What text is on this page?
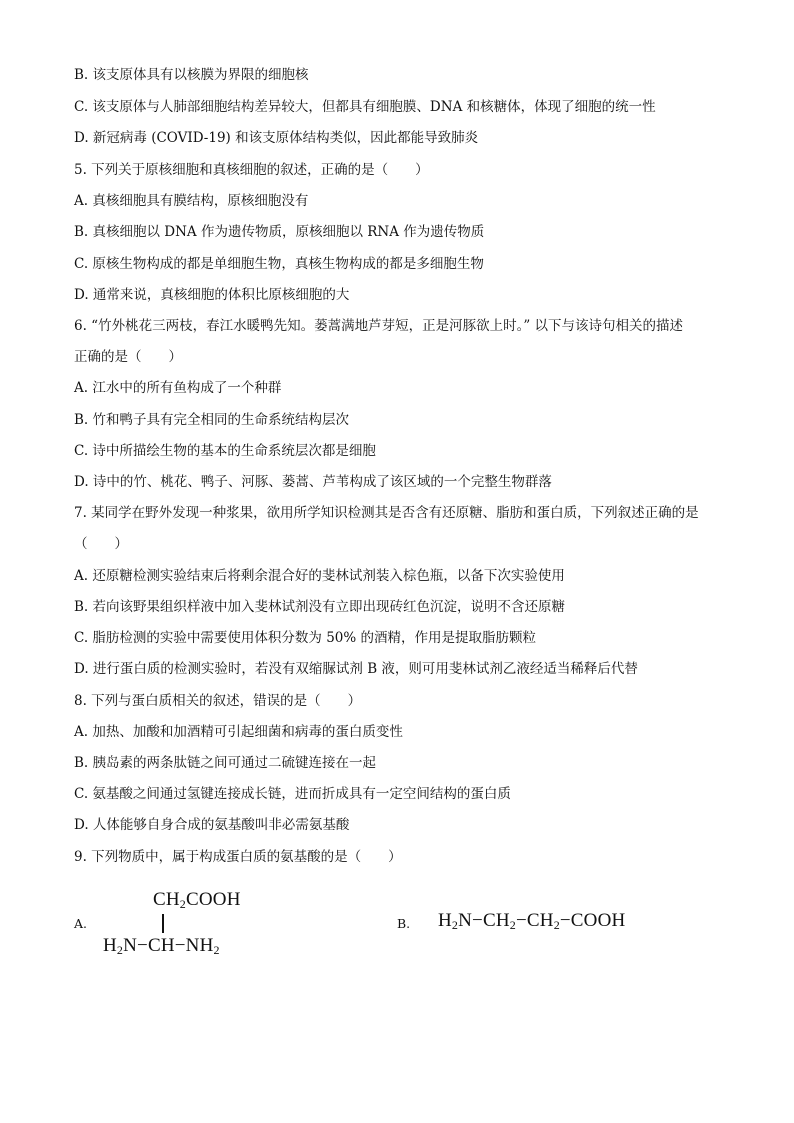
B. 该支原体具有以核膜为界限的细胞核
C. 该支原体与人肺部细胞结构差异较大，但都具有细胞膜、DNA 和核糖体，体现了细胞的统一性
D. 新冠病毒 (COVID-19) 和该支原体结构类似，因此都能导致肺炎
5. 下列关于原核细胞和真核细胞的叙述，正确的是（　　）
A. 真核细胞具有膜结构，原核细胞没有
B. 真核细胞以 DNA 作为遗传物质，原核细胞以 RNA 作为遗传物质
C. 原核生物构成的都是单细胞生物，真核生物构成的都是多细胞生物
D. 通常来说，真核细胞的体积比原核细胞的大
6. “竹外桃花三两枝，春江水暖鸭先知。蒌蒿满地芦芽短，正是河豚欲上时。” 以下与该诗句相关的描述
正确的是（　　）
A. 江水中的所有鱼构成了一个种群
B. 竹和鸭子具有完全相同的生命系统结构层次
C. 诗中所描绘生物的基本的生命系统层次都是细胞
D. 诗中的竹、桃花、鸭子、河豚、蒌蒿、芦苇构成了该区域的一个完整生物群落
7. 某同学在野外发现一种浆果，欲用所学知识检测其是否含有还原糖、脂肪和蛋白质，下列叙述正确的是
（　　）
A. 还原糖检测实验结束后将剩余混合好的斐林试剂装入棕色瓶，以备下次实验使用
B. 若向该野果组织样液中加入斐林试剂没有立即出现砖红色沉淀，说明不含还原糖
C. 脂肪检测的实验中需要使用体积分数为 50% 的酒精，作用是提取脂肪颗粒
D. 进行蛋白质的检测实验时，若没有双缩脲试剂 B 液，则可用斐林试剂乙液经适当稀释后代替
8. 下列与蛋白质相关的叙述，错误的是（　　）
A. 加热、加酸和加酒精可引起细菌和病毒的蛋白质变性
B. 胰岛素的两条肽链之间可通过二硫键连接在一起
C. 氨基酸之间通过氢键连接成长链，进而折成具有一定空间结构的蛋白质
D. 人体能够自身合成的氨基酸叫非必需氨基酸
9. 下列物质中，属于构成蛋白质的氨基酸的是（　　）
A.
$CH_2COOH$
$H_2N-CH-NH_2$
B. $H_2N-CH_2-CH_2-COOH$
